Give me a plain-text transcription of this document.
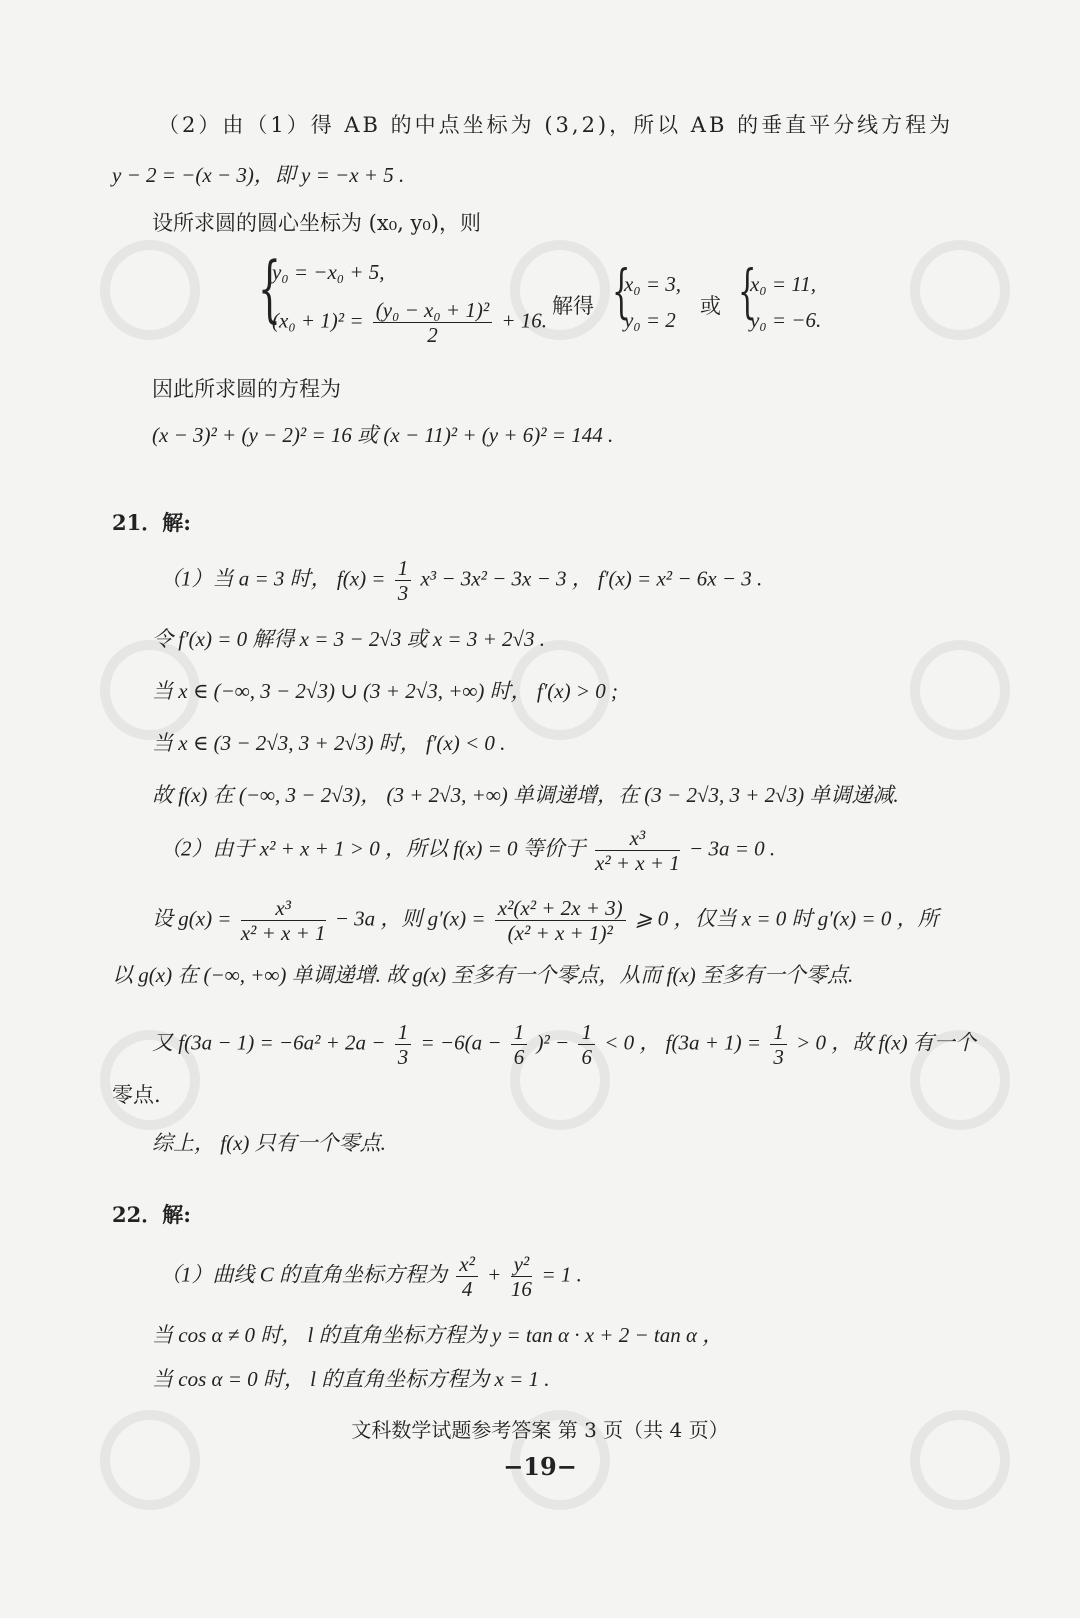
（2）由（1）得 AB 的中点坐标为 (3,2)，所以 AB 的垂直平分线方程为
y − 2 = −(x − 3)，即 y = −x + 5 .
设所求圆的圆心坐标为 (x₀, y₀)，则
{
y₀ = −x₀ + 5,
$(x_0 + 1)^2 = \frac{\text{(y₀ − x₀ + 1)²}}{2} + 16$.
解得 {
x₀ = 3,
y₀ = 2
或 {
x₀ = 11,
y₀ = −6.
因此所求圆的方程为
(x − 3)² + (y − 2)² = 16 或 (x − 11)² + (y + 6)² = 144 .
21．解:
（1）当 a = 3 时， $f(x) = \frac{1}{3} x^3 - 3x^2 - 3x - 3$ ， f′(x) = x² − 6x − 3 .
令 f′(x) = 0 解得 x = 3 − 2√3 或 x = 3 + 2√3 .
当 x ∈ (−∞, 3 − 2√3) ∪ (3 + 2√3, +∞) 时， f′(x) > 0 ;
当 x ∈ (3 − 2√3, 3 + 2√3) 时， f′(x) < 0 .
故 f(x) 在 (−∞, 3 − 2√3)， (3 + 2√3, +∞) 单调递增，在 (3 − 2√3, 3 + 2√3) 单调递减.
（2）由于 x² + x + 1 > 0 ，所以 f(x) = 0 等价于 $\frac{\text{x³}}{\text{x² + x + 1}} - 3a = 0$ .
设 $g(x) = \frac{\text{x³}}{\text{x² + x + 1}} - 3a$ ，则 $g'(x) = \frac{\text{x²(x² + 2x + 3)}}{\text{(x² + x + 1)²}}$ ⩾ 0 ，仅当 x = 0 时 g′(x) = 0 ，所
以 g(x) 在 (−∞, +∞) 单调递增. 故 g(x) 至多有一个零点，从而 f(x) 至多有一个零点.
又 $f(3a - 1) = -6a^2 + 2a - \frac{1}{3} = -6(a - \frac{1}{6} )^2 - \frac{1}{6} < 0$ ， $f(3a + 1) = \frac{1}{3} > 0$ ，故 f(x) 有一个
零点.
综上， f(x) 只有一个零点.
22．解:
（1）曲线 C 的直角坐标方程为 $\frac{\text{x²}}{4} + \frac{\text{y²}}{16} = 1$ .
当 cos α ≠ 0 时， l 的直角坐标方程为 y = tan α · x + 2 − tan α ，
当 cos α = 0 时， l 的直角坐标方程为 x = 1 .
文科数学试题参考答案 第 3 页（共 4 页）
−19−
